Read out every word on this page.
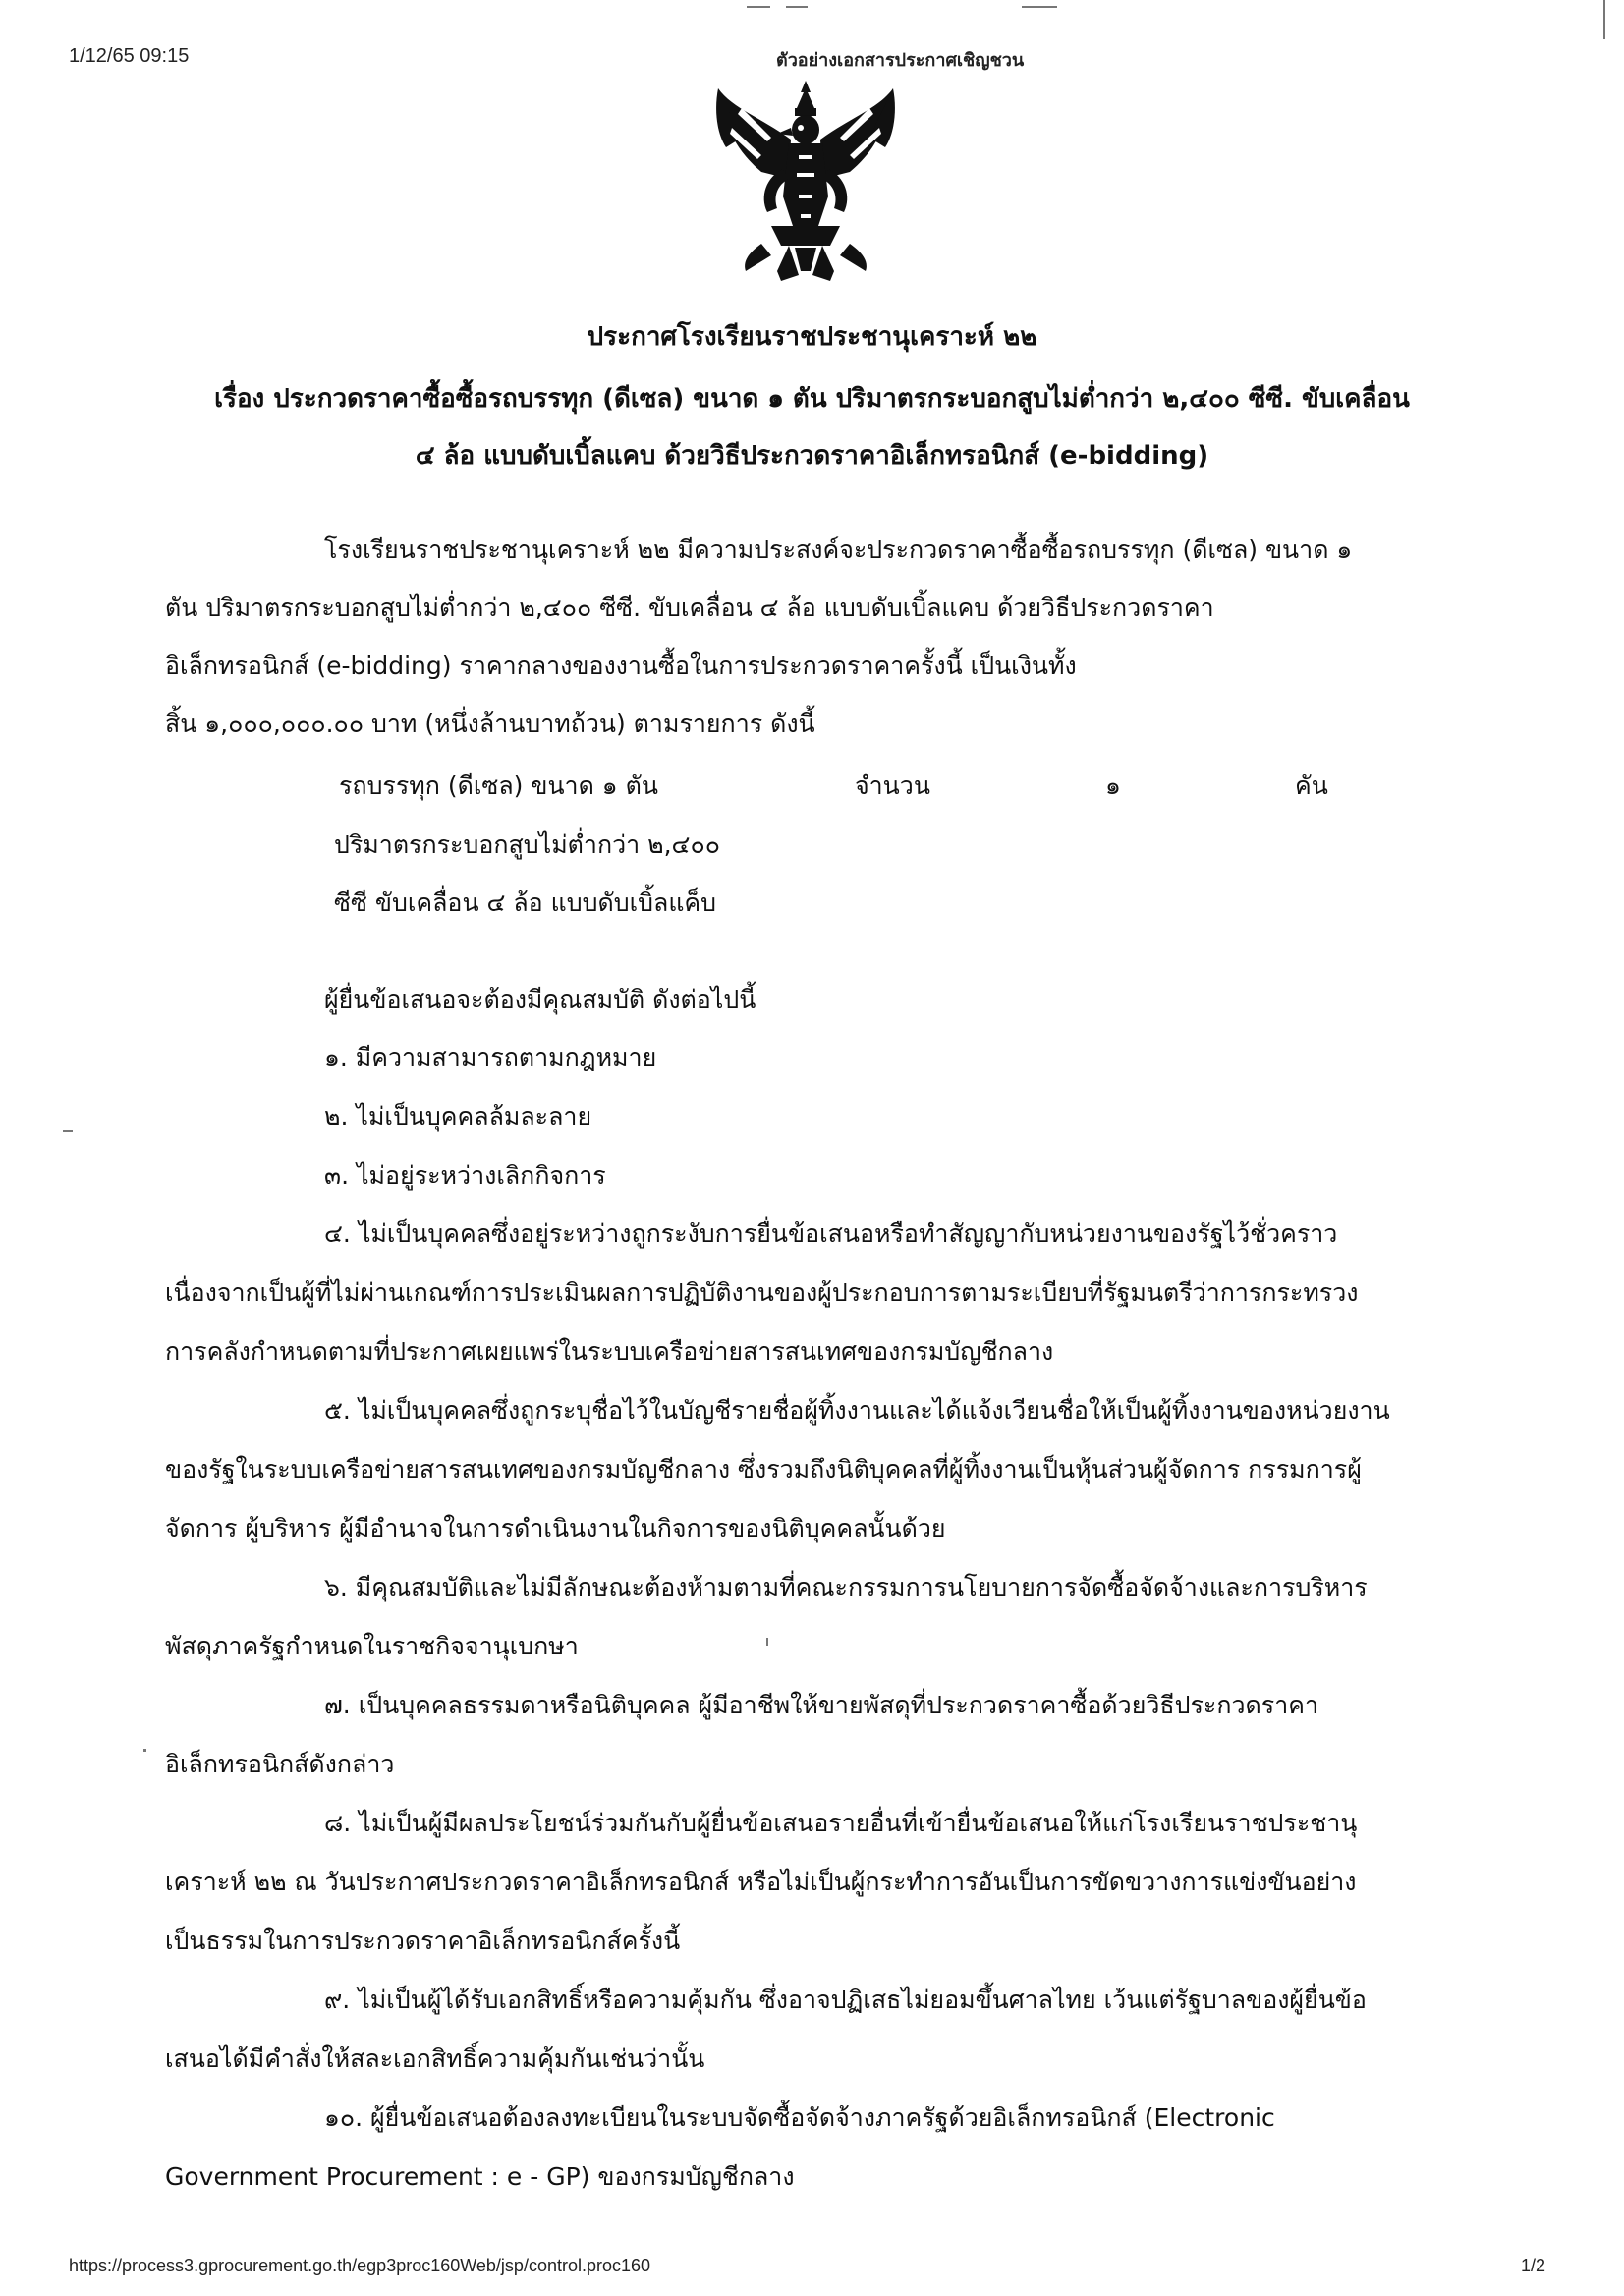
1/12/65 09:15	ตัวอย่างเอกสารประกาศเชิญชวน
ประกาศโรงเรียนราชประชานุเคราะห์ ๒๒
เรื่อง ประกวดราคาซื้อซื้อรถบรรทุก (ดีเซล) ขนาด ๑ ตัน ปริมาตรกระบอกสูบไม่ต่ำกว่า ๒,๔๐๐ ซีซี. ขับเคลื่อน
๔ ล้อ แบบดับเบิ้ลแคบ ด้วยวิธีประกวดราคาอิเล็กทรอนิกส์ (e-bidding)
โรงเรียนราชประชานุเคราะห์ ๒๒ มีความประสงค์จะประกวดราคาซื้อซื้อรถบรรทุก (ดีเซล) ขนาด ๑
ตัน ปริมาตรกระบอกสูบไม่ต่ำกว่า ๒,๔๐๐ ซีซี. ขับเคลื่อน ๔ ล้อ แบบดับเบิ้ลแคบ ด้วยวิธีประกวดราคา
อิเล็กทรอนิกส์ (e-bidding) ราคากลางของงานซื้อในการประกวดราคาครั้งนี้ เป็นเงินทั้ง
สิ้น ๑,๐๐๐,๐๐๐.๐๐ บาท (หนึ่งล้านบาทถ้วน) ตามรายการ ดังนี้
รถบรรทุก (ดีเซล) ขนาด ๑ ตัน	จำนวน	๑	คัน
ปริมาตรกระบอกสูบไม่ต่ำกว่า ๒,๔๐๐
ซีซี ขับเคลื่อน ๔ ล้อ แบบดับเบิ้ลแค็บ
ผู้ยื่นข้อเสนอจะต้องมีคุณสมบัติ ดังต่อไปนี้
๑. มีความสามารถตามกฎหมาย
๒. ไม่เป็นบุคคลล้มละลาย
๓. ไม่อยู่ระหว่างเลิกกิจการ
๔. ไม่เป็นบุคคลซึ่งอยู่ระหว่างถูกระงับการยื่นข้อเสนอหรือทำสัญญากับหน่วยงานของรัฐไว้ชั่วคราว
เนื่องจากเป็นผู้ที่ไม่ผ่านเกณฑ์การประเมินผลการปฏิบัติงานของผู้ประกอบการตามระเบียบที่รัฐมนตรีว่าการกระทรวง
การคลังกำหนดตามที่ประกาศเผยแพร่ในระบบเครือข่ายสารสนเทศของกรมบัญชีกลาง
๕. ไม่เป็นบุคคลซึ่งถูกระบุชื่อไว้ในบัญชีรายชื่อผู้ทิ้งงานและได้แจ้งเวียนชื่อให้เป็นผู้ทิ้งงานของหน่วยงาน
ของรัฐในระบบเครือข่ายสารสนเทศของกรมบัญชีกลาง ซึ่งรวมถึงนิติบุคคลที่ผู้ทิ้งงานเป็นหุ้นส่วนผู้จัดการ กรรมการผู้
จัดการ ผู้บริหาร ผู้มีอำนาจในการดำเนินงานในกิจการของนิติบุคคลนั้นด้วย
๖. มีคุณสมบัติและไม่มีลักษณะต้องห้ามตามที่คณะกรรมการนโยบายการจัดซื้อจัดจ้างและการบริหาร
พัสดุภาครัฐกำหนดในราชกิจจานุเบกษา
๗. เป็นบุคคลธรรมดาหรือนิติบุคคล ผู้มีอาชีพให้ขายพัสดุที่ประกวดราคาซื้อด้วยวิธีประกวดราคา
อิเล็กทรอนิกส์ดังกล่าว
๘. ไม่เป็นผู้มีผลประโยชน์ร่วมกันกับผู้ยื่นข้อเสนอรายอื่นที่เข้ายื่นข้อเสนอให้แก่โรงเรียนราชประชานุ
เคราะห์ ๒๒ ณ วันประกาศประกวดราคาอิเล็กทรอนิกส์ หรือไม่เป็นผู้กระทำการอันเป็นการขัดขวางการแข่งขันอย่าง
เป็นธรรมในการประกวดราคาอิเล็กทรอนิกส์ครั้งนี้
๙. ไม่เป็นผู้ได้รับเอกสิทธิ์หรือความคุ้มกัน ซึ่งอาจปฏิเสธไม่ยอมขึ้นศาลไทย เว้นแต่รัฐบาลของผู้ยื่นข้อ
เสนอได้มีคำสั่งให้สละเอกสิทธิ์ความคุ้มกันเช่นว่านั้น
๑๐. ผู้ยื่นข้อเสนอต้องลงทะเบียนในระบบจัดซื้อจัดจ้างภาครัฐด้วยอิเล็กทรอนิกส์ (Electronic
Government Procurement : e - GP) ของกรมบัญชีกลาง
https://process3.gprocurement.go.th/egp3proc160Web/jsp/control.proc160	1/2
